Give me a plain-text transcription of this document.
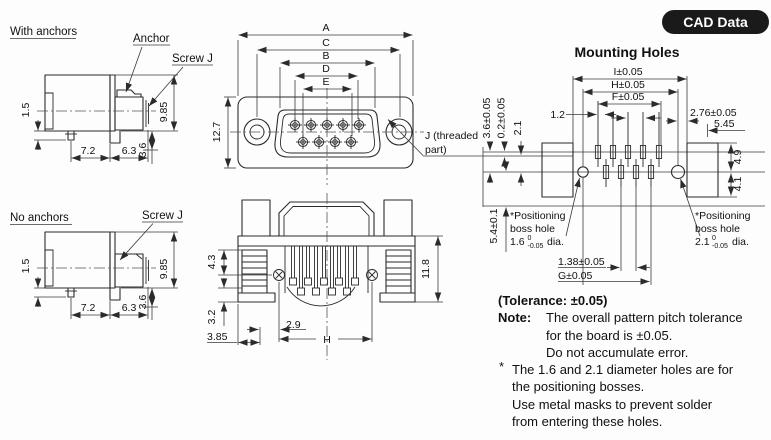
With anchors
Anchor
Screw J
1.5	9.85
3.6
7.2	6.3
No anchors	Screw J
1.5	9.85
3.6
7.2	6.3
A
C
B
D
E
12.7	J (threaded
part)
4.3
3.2
3.85
2.9
H
11.8
Mounting Holes
I±0.05
H±0.05
F±0.05
1.2	2.76±0.05
5.45
3.6±0.05 0.2±0.05 2.1
5.4±0.1
4.9
4.1
1.38±0.05
G±0.05
*Positioning
boss hole
1.6 0
-0.05 dia.
*Positioning
boss hole
2.1 0
-0.05 dia.
(Tolerance: ±0.05)
Note: The overall pattern pitch tolerance
for the board is ±0.05.
Do not accumulate error.
* The 1.6 and 2.1 diameter holes are for
the positioning bosses.
Use metal masks to prevent solder
from entering these holes.
CAD Data
